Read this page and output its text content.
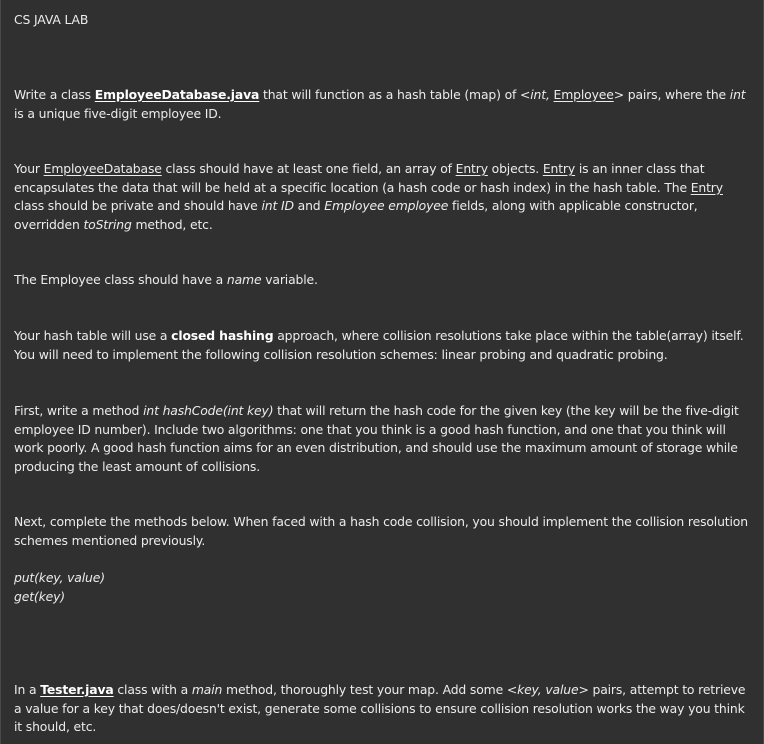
CS JAVA LAB

Write a class EmployeeDatabase.java that will function as a hash table (map) of <int, Employee> pairs, where the int is a unique five-digit employee ID.

Your EmployeeDatabase class should have at least one field, an array of Entry objects. Entry is an inner class that encapsulates the data that will be held at a specific location (a hash code or hash index) in the hash table. The Entry class should be private and should have int ID and Employee employee fields, along with applicable constructor, overridden toString method, etc.

The Employee class should have a name variable.

Your hash table will use a closed hashing approach, where collision resolutions take place within the table(array) itself. You will need to implement the following collision resolution schemes: linear probing and quadratic probing.

First, write a method int hashCode(int key) that will return the hash code for the given key (the key will be the five-digit employee ID number). Include two algorithms: one that you think is a good hash function, and one that you think will work poorly. A good hash function aims for an even distribution, and should use the maximum amount of storage while producing the least amount of collisions.

Next, complete the methods below. When faced with a hash code collision, you should implement the collision resolution schemes mentioned previously.

put(key, value)
get(key)

In a Tester.java class with a main method, thoroughly test your map. Add some <key, value> pairs, attempt to retrieve a value for a key that does/doesn't exist, generate some collisions to ensure collision resolution works the way you think it should, etc.
